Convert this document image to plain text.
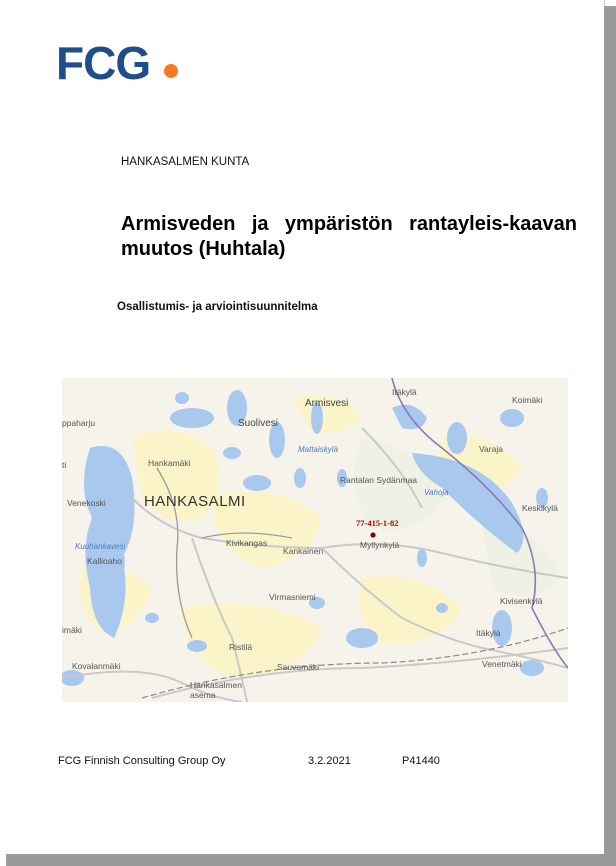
FCG
HANKASALMEN KUNTA
Armisveden ja ympäristön rantayleis-kaavan muutos (Huhtala)
Osallistumis- ja arviointisuunnitelma
Itäkylä
Armisvesi	Koimäki
ppaharju	Suolivesi
Mattaiskylä	Varaja
Hankamäki
ti
Rantalan Sydänmaa
Vahoja
HANKASALMI
Venekoski	Keskikylä
77-415-1-82
Myllynkylä
Kuuhankavesi	Kivikangas
Kankainen
Kallioaho
Kivisenkylä
Virmasniemi
imäki	Itäkylä
Ristilä
Kovalanmäki	Venetmäki
Sauvamäki
Hankasalmen asema
FCG Finnish Consulting Group Oy	3.2.2021	P41440
